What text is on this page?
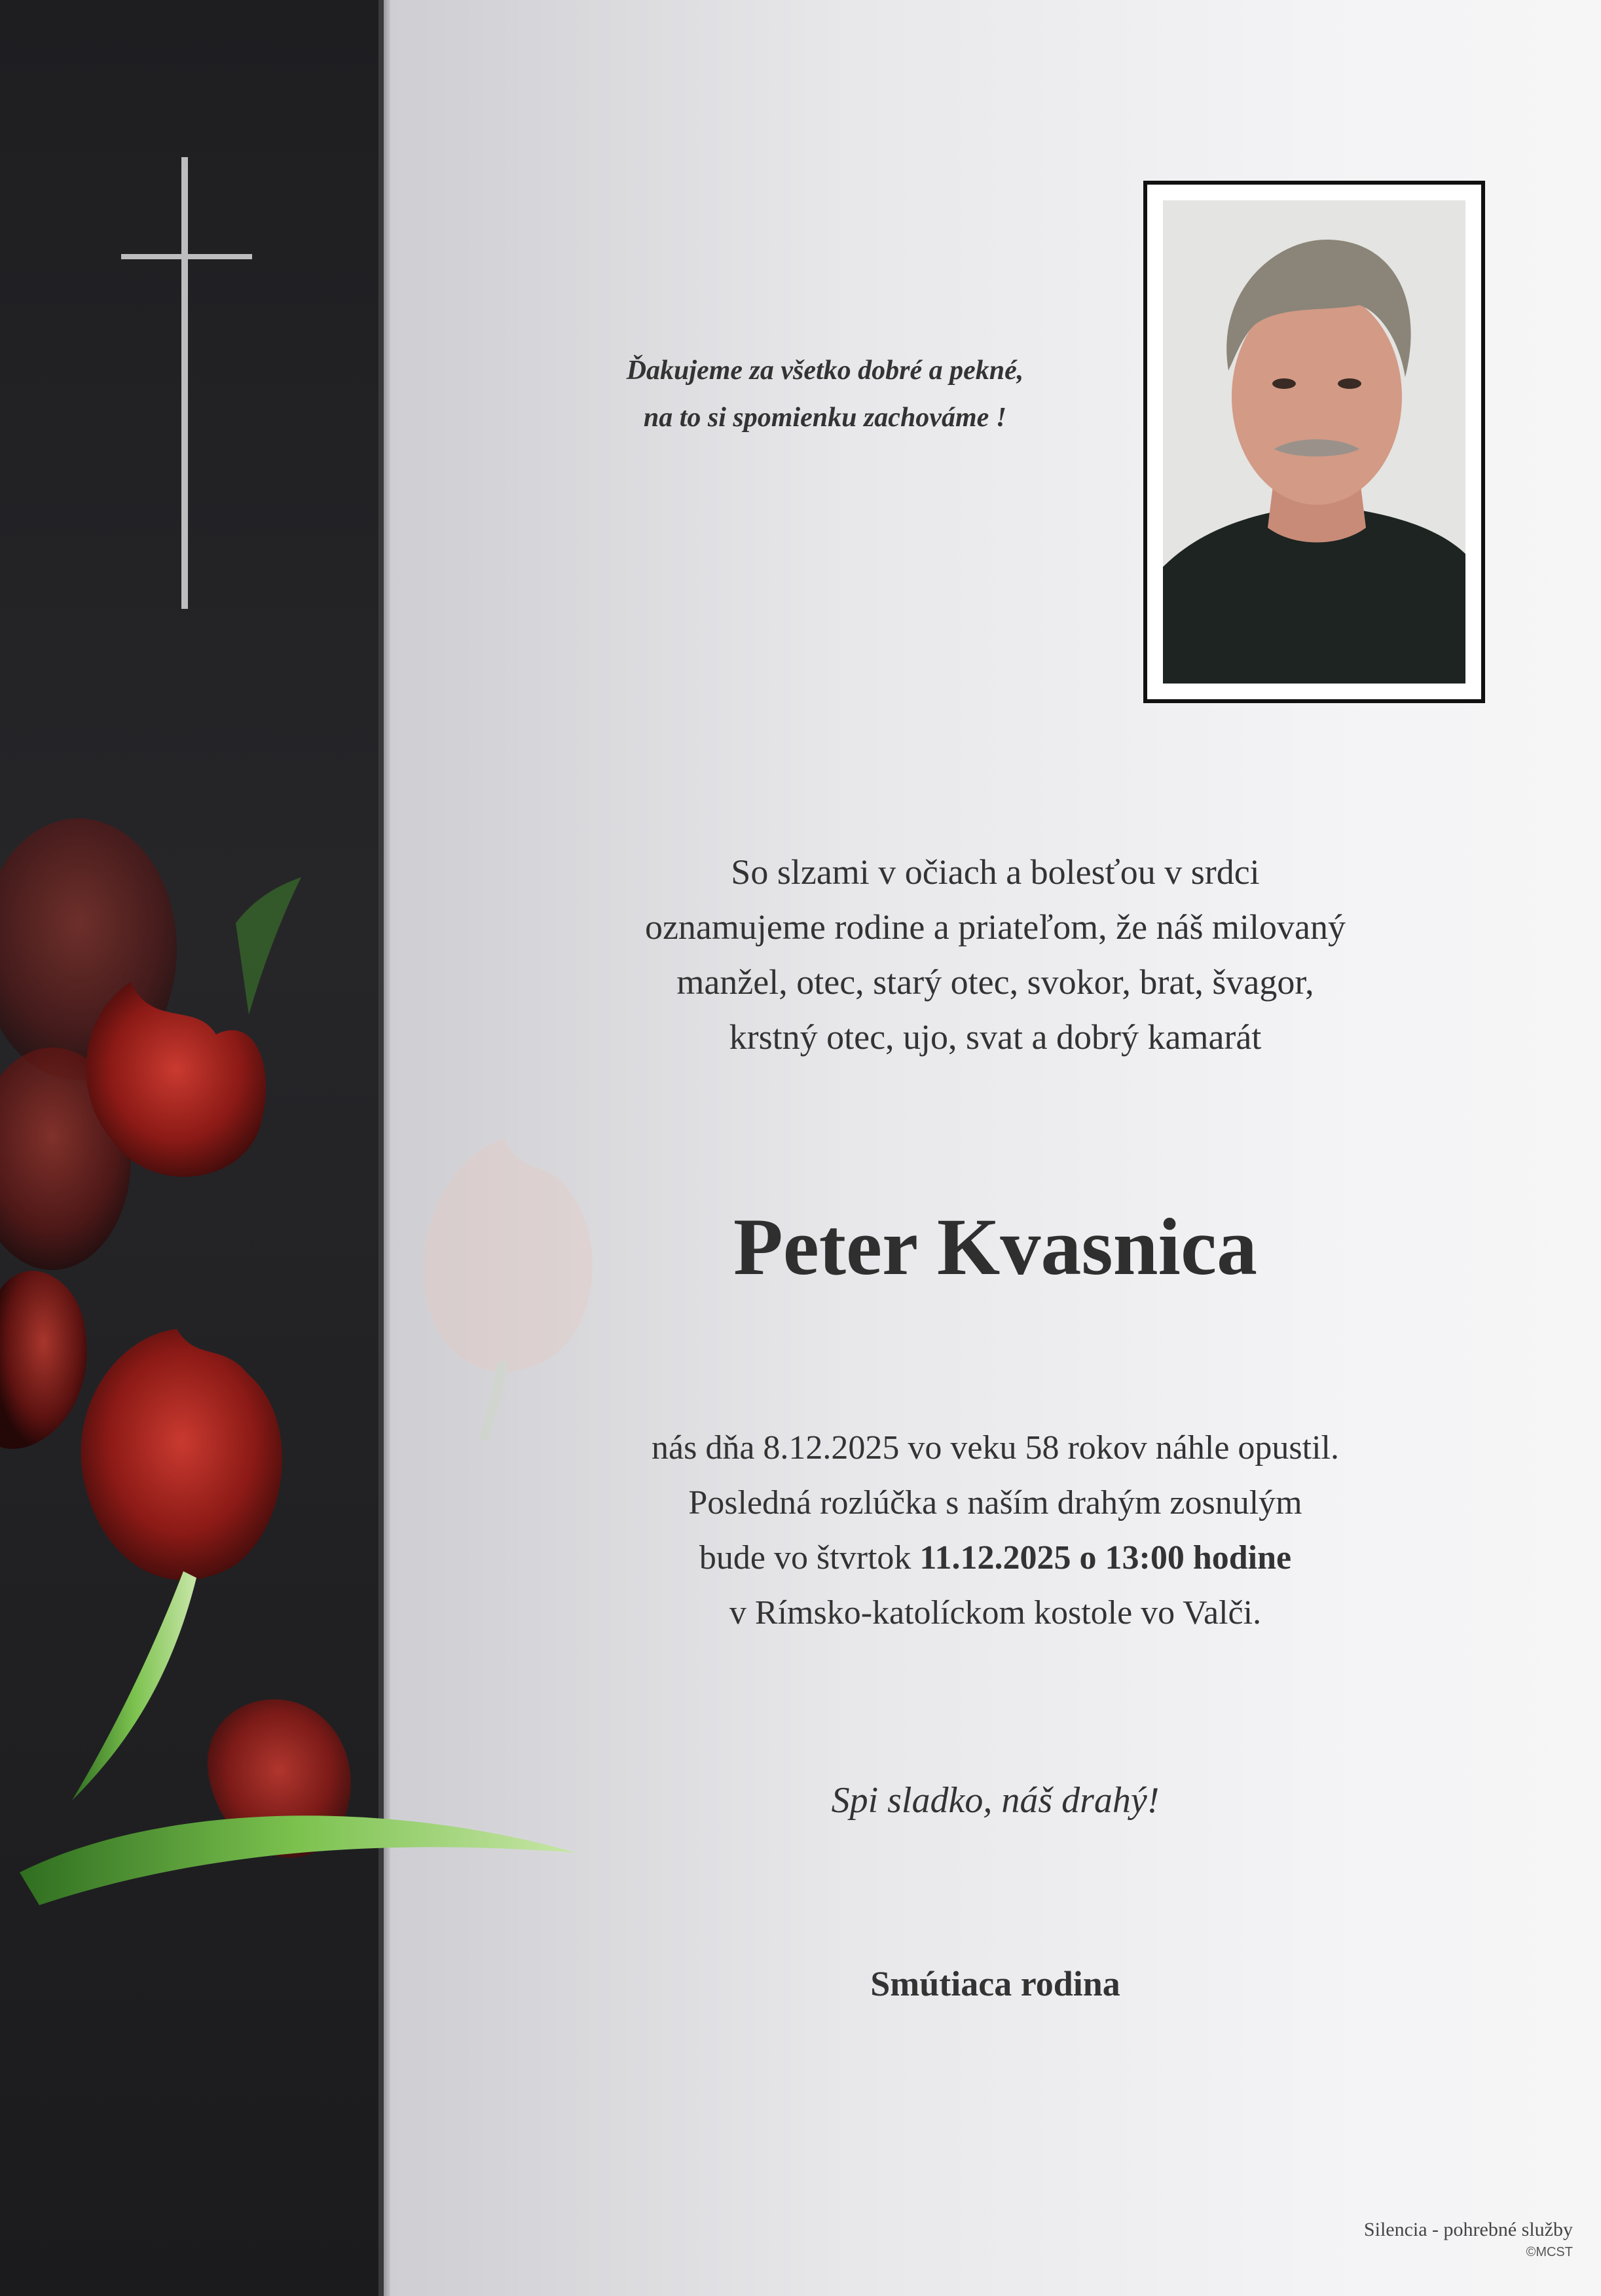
Ďakujeme za všetko dobré a pekné,
na to si spomienku zachováme !
So slzami v očiach a bolesťou v srdci
oznamujeme rodine a priateľom, že náš milovaný
manžel, otec, starý otec, svokor, brat, švagor,
krstný otec, ujo, svat a dobrý kamarát
Peter Kvasnica
nás dňa 8.12.2025 vo veku 58 rokov náhle opustil.
Posledná rozlúčka s naším drahým zosnulým
bude vo štvrtok 11.12.2025 o 13:00 hodine
v Rímsko-katolíckom kostole vo Valči.
Spi sladko, náš drahý!
Smútiaca rodina
Silencia - pohrebné služby
©MCST
